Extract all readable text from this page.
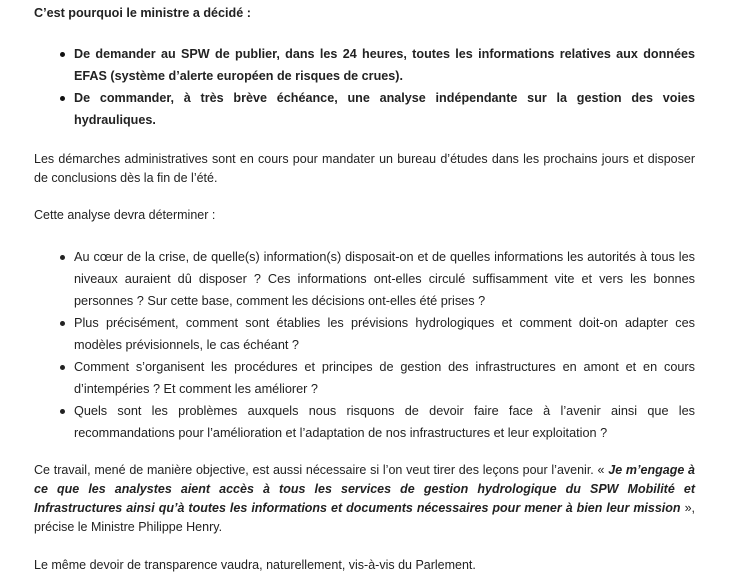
C’est pourquoi le ministre a décidé :

De demander au SPW de publier, dans les 24 heures, toutes les informations relatives aux données EFAS (système d’alerte européen de risques de crues).
De commander, à très brève échéance, une analyse indépendante sur la gestion des voies hydrauliques.

Les démarches administratives sont en cours pour mandater un bureau d’études dans les prochains jours et disposer de conclusions dès la fin de l’été.

Cette analyse devra déterminer :

Au cœur de la crise, de quelle(s) information(s) disposait-on et de quelles informations les autorités à tous les niveaux auraient dû disposer ? Ces informations ont-elles circulé suffisamment vite et vers les bonnes personnes ? Sur cette base, comment les décisions ont-elles été prises ?
Plus précisément, comment sont établies les prévisions hydrologiques et comment doit-on adapter ces modèles prévisionnels, le cas échéant ?
Comment s’organisent les procédures et principes de gestion des infrastructures en amont et en cours d’intempéries ? Et comment les améliorer ?
Quels sont les problèmes auxquels nous risquons de devoir faire face à l’avenir ainsi que les recommandations pour l’amélioration et l’adaptation de nos infrastructures et leur exploitation ?

Ce travail, mené de manière objective, est aussi nécessaire si l’on veut tirer des leçons pour l’avenir. « Je m’engage à ce que les analystes aient accès à tous les services de gestion hydrologique du SPW Mobilité et Infrastructures ainsi qu’à toutes les informations et documents nécessaires pour mener à bien leur mission », précise le Ministre Philippe Henry.

Le même devoir de transparence vaudra, naturellement, vis-à-vis du Parlement.
